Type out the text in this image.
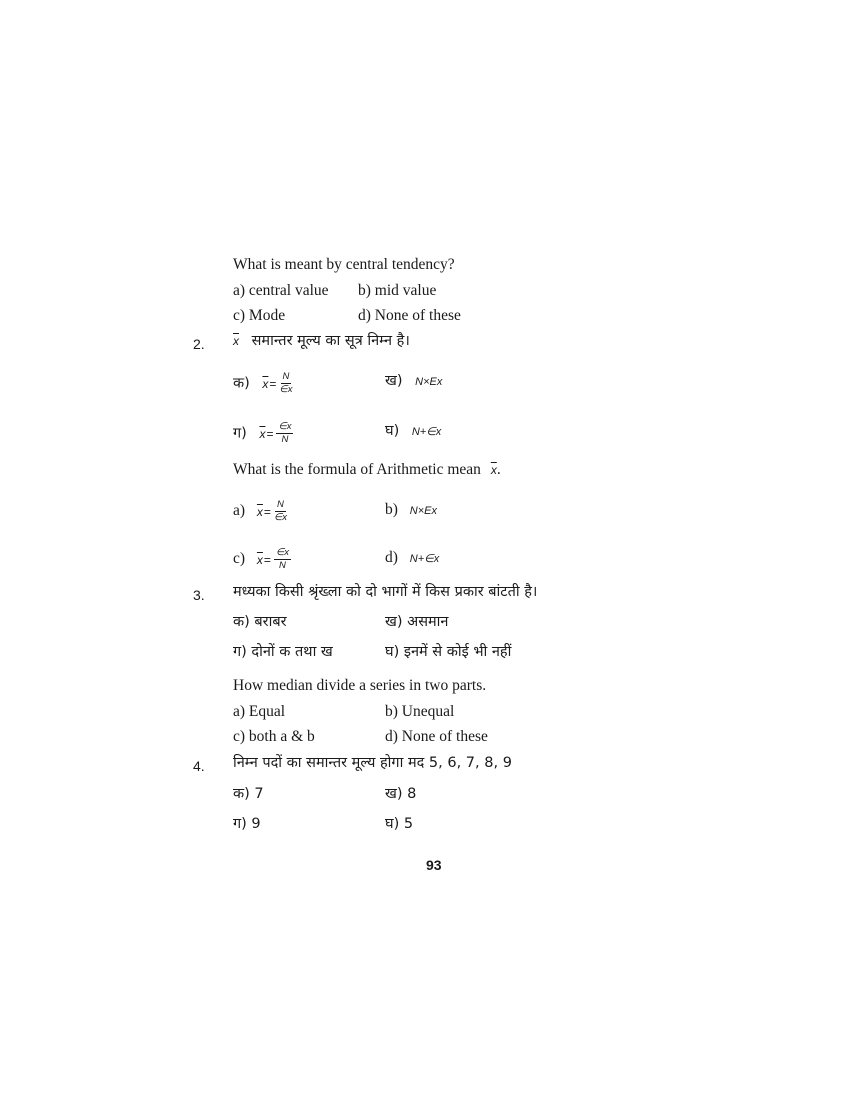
What is meant by central tendency?
a) central value b) mid value
c) Mode	d) None of these
2. $\overline{x}$ समान्तर मूल्य का सूत्र निम्न है।
क) $\overline{x} = \frac{N}{\in x}$	ख) N×Ex
ग) $\overline{x} = \frac{\in x}{N}$	घ) N+∈x
What is the formula of Arithmetic mean $\overline{x}$.
a) $\overline{x} = \frac{N}{\in x}$	b) N×Ex
c) $\overline{x} = \frac{\in x}{N}$	d) N+∈x
3. मध्यका किसी श्रृंख्ला को दो भागों में किस प्रकार बांटती है।
क) बराबर	ख) असमान
ग) दोनों क तथा ख	घ) इनमें से कोई भी नहीं
How median divide a series in two parts.
a) Equal	b) Unequal
c) both a & b	d) None of these
4. निम्न पदों का समान्तर मूल्य होगा मद 5, 6, 7, 8, 9
क) 7	ख) 8
ग) 9	घ) 5
93
